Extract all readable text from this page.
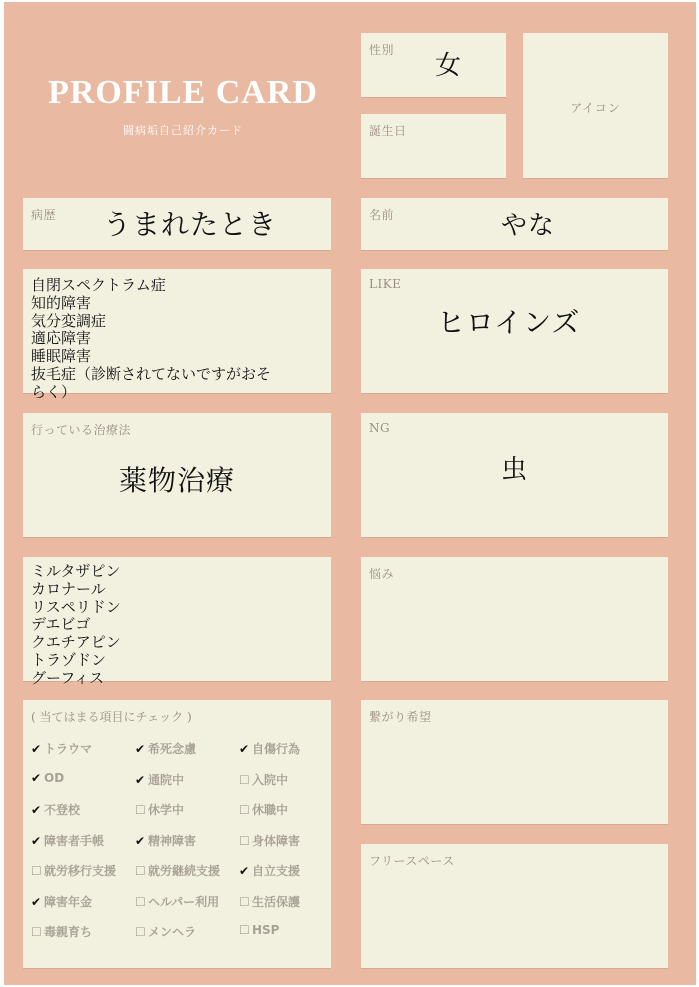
PROFILE CARD
闘病垢自己紹介カード
性別
女
誕生日
アイコン
病歴 うまれたとき	名前	やな
自閉スペクトラム症
知的障害
気分変調症
適応障害
睡眠障害
抜毛症（診断されてないですがおそ
らく）
LIKE
ヒロインズ
行っている治療法
薬物治療
NG
虫
ミルタザピン
カロナール
リスペリドン
デエビゴ
クエチアピン
トラゾドン
グーフィス
悩み
( 当てはまる項目にチェック )
✔ トラウマ	✔ 希死念慮	✔ 自傷行為
✔ OD	✔ 通院中	☐ 入院中
✔ 不登校	☐ 休学中	☐ 休職中
✔ 障害者手帳	✔ 精神障害	☐ 身体障害
☐ 就労移行支援 ☐ 就労継続支援 ✔ 自立支援
✔ 障害年金	☐ ヘルパー利用 ☐ 生活保護
☐ 毒親育ち	☐ メンヘラ	☐ HSP
繋がり希望
フリースペース
